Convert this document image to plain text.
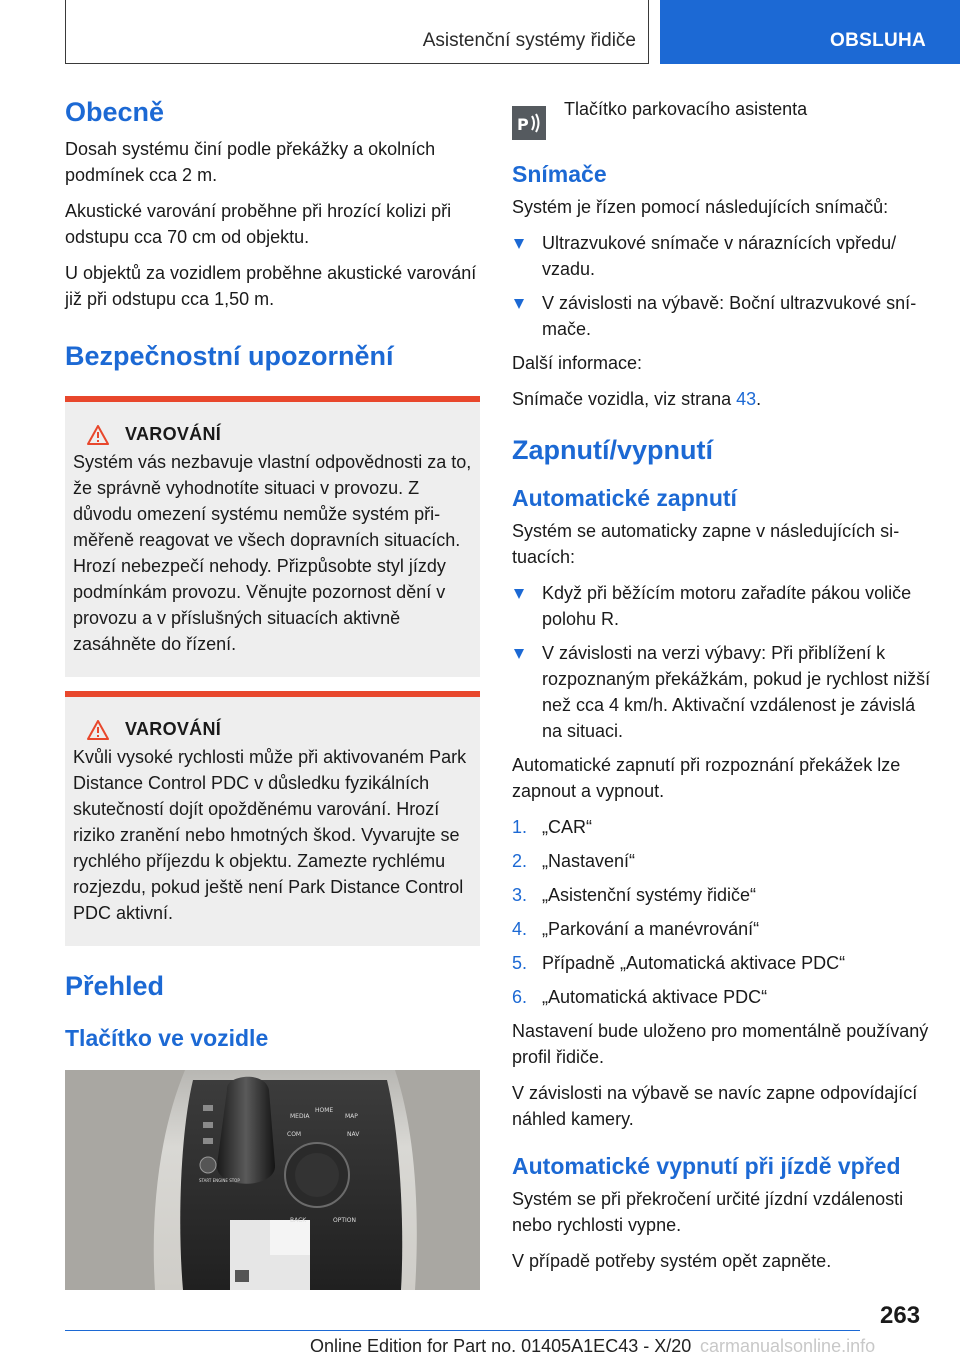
Asistenční systémy řidiče	OBSLUHA
Obecně

Dosah systému činí podle překážky a okolních podmínek cca 2 m.

Akustické varování proběhne při hrozící kolizi při odstupu cca 70 cm od objektu.

U objektů za vozidlem proběhne akustické varování již při odstupu cca 1,50 m.

Bezpečnostní upozornění
VAROVÁNÍ

Systém vás nezbavuje vlastní odpovědnosti za to, že správně vyhodnotíte situaci v provozu. Z důvodu omezení systému nemůže systém přiměřeně reagovat ve všech dopravních situacích. Hrozí nebezpečí nehody. Přizpůsobte styl jízdy podmínkám provozu. Věnujte pozornost dění v provozu a v příslušných situacích aktivně zasáhněte do řízení.

VAROVÁNÍ

Kvůli vysoké rychlosti může při aktivovaném Park Distance Control PDC v důsledku fyzikálních skutečností dojít opožděnému varování. Hrozí riziko zranění nebo hmotných škod. Vyvarujte se rychlého příjezdu k objektu. Zamezte rychlému rozjezdu, pokud ještě není Park Distance Control PDC aktivní.

Přehled
Tlačítko ve vozidle
MEDIA
HOME
MAP
COM	NAV
BACK	OPTION
START ENGINE STOP
P

Tlačítko parkovacího asistenta

Snímače

Systém je řízen pomocí následujících snímačů:

Ultrazvukové snímače v náraznících vpředu/ vzadu.
V závislosti na výbavě: Boční ultrazvukové snímače.

Další informace:

Snímače vozidla, viz strana 43.

Zapnutí/vypnutí
Automatické zapnutí

Systém se automaticky zapne v následujících situacích:

Když při běžícím motoru zařadíte pákou voliče polohu R.
V závislosti na verzi výbavy: Při přiblížení k rozpoznaným překážkám, pokud je rychlost nižší než cca 4 km/h. Aktivační vzdálenost je závislá na situaci.

Automatické zapnutí při rozpoznání překážek lze zapnout a vypnout.

1. „CAR“
2. „Nastavení“
3. „Asistenční systémy řidiče“
4. „Parkování a manévrování“
5. Případně „Automatická aktivace PDC“
6. „Automatická aktivace PDC“

Nastavení bude uloženo pro momentálně používaný profil řidiče.

V závislosti na výbavě se navíc zapne odpovídající náhled kamery.

Automatické vypnutí při jízdě vpřed

Systém se při překročení určité jízdní vzdálenosti nebo rychlosti vypne.

V případě potřeby systém opět zapněte.

263
Online Edition for Part no. 01405A1EC43 - X/20 carmanualsonline.info
